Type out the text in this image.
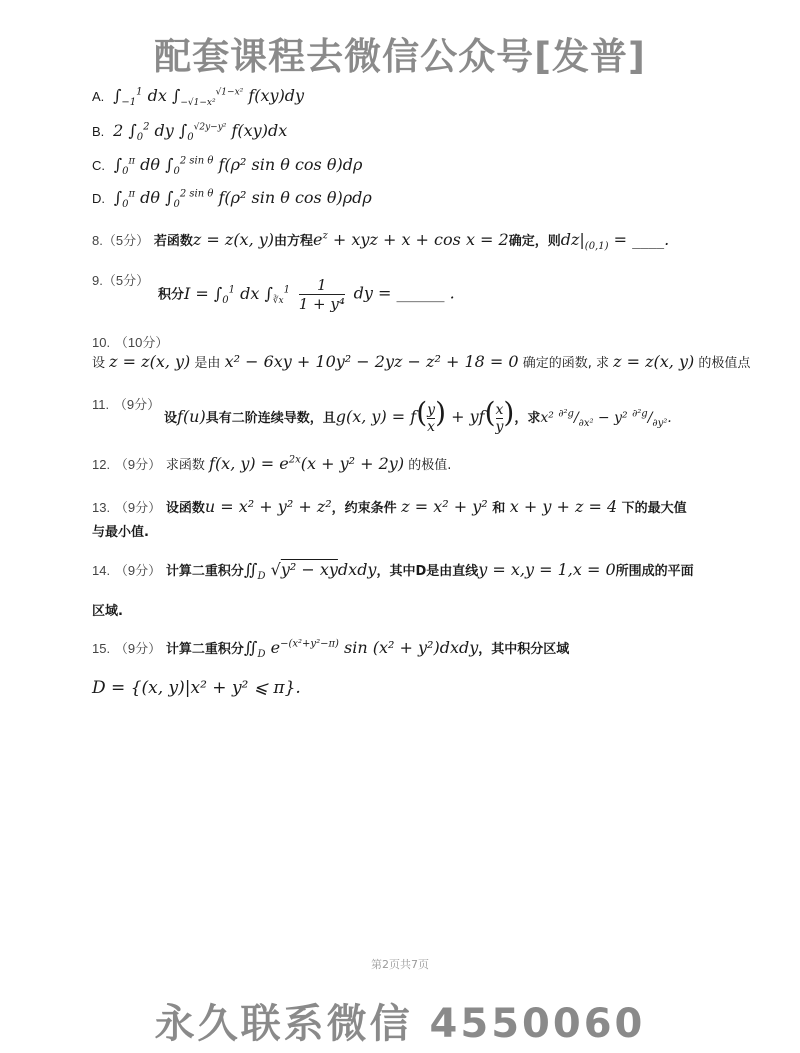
配套课程去微信公众号[发普]
A. $\int_{-1}^1$ dx $\int_{-√1-x^2}^{√1-x^2}$ f(xy)dy
B. 2 $\int_0^2$ dy $\int_0^{√2y-y^2}$ f(xy)dx
C. $\int_0^\pi$ dθ $\int_0^{2 sin \theta}$ f(ρ² sin θ cos θ)dρ
D. $\int_0^\pi$ dθ $\int_0^{2 sin \theta}$ f(ρ² sin θ cos θ)ρdρ
8.（5分） 若函数z = z(x, y)由方程$e^z$ + xyz + x + cos x = 2确定，则$dz|_{(0,1)}$ = ____.
9.（5分）
积分$I = \int_0^1$ dx $\int_{∛x}^1 \frac{1}{\text{1 + y⁴}}$ dy = ______ .
10. （10分）
设 z = z(x, y) 是由 x² − 6xy + 10y² − 2yz − z² + 18 = 0 确定的函数, 求 z = z(x, y) 的极值点
11. （9分）
设f(u)具有二阶连续导数，且g(x, $y) = f( \frac{y}{x}$ ) + $yf( \frac{x}{y}$ )，求x² $^{\partial^2g}/_{\partial x^2} - y^2$ $^{\partial^2g}/_{\partial y^2}$.
12. （9分） 求函数 f(x, $y) = e^{2x}(x + y^2 + 2y)$ 的极值.
13. （9分） 设函数u = x² + y² + z²，约束条件 z = x² + y² 和 x + y + z = 4 下的最大值
与最小值.
14. （9分） 计算二重积分$∬_D$ √y² − xydxdy，其中D是由直线y = x,y = 1,x = 0所围成的平面
区域.
15. （9分） 计算二重积分$∬_D$ $e^{-(x^2+y^2-\pi)}$ sin (x² + y²)dxdy，其中积分区域
D = {(x, y)|x² + y² ⩽ π}.
第2页共7页
永久联系微信 4550060
